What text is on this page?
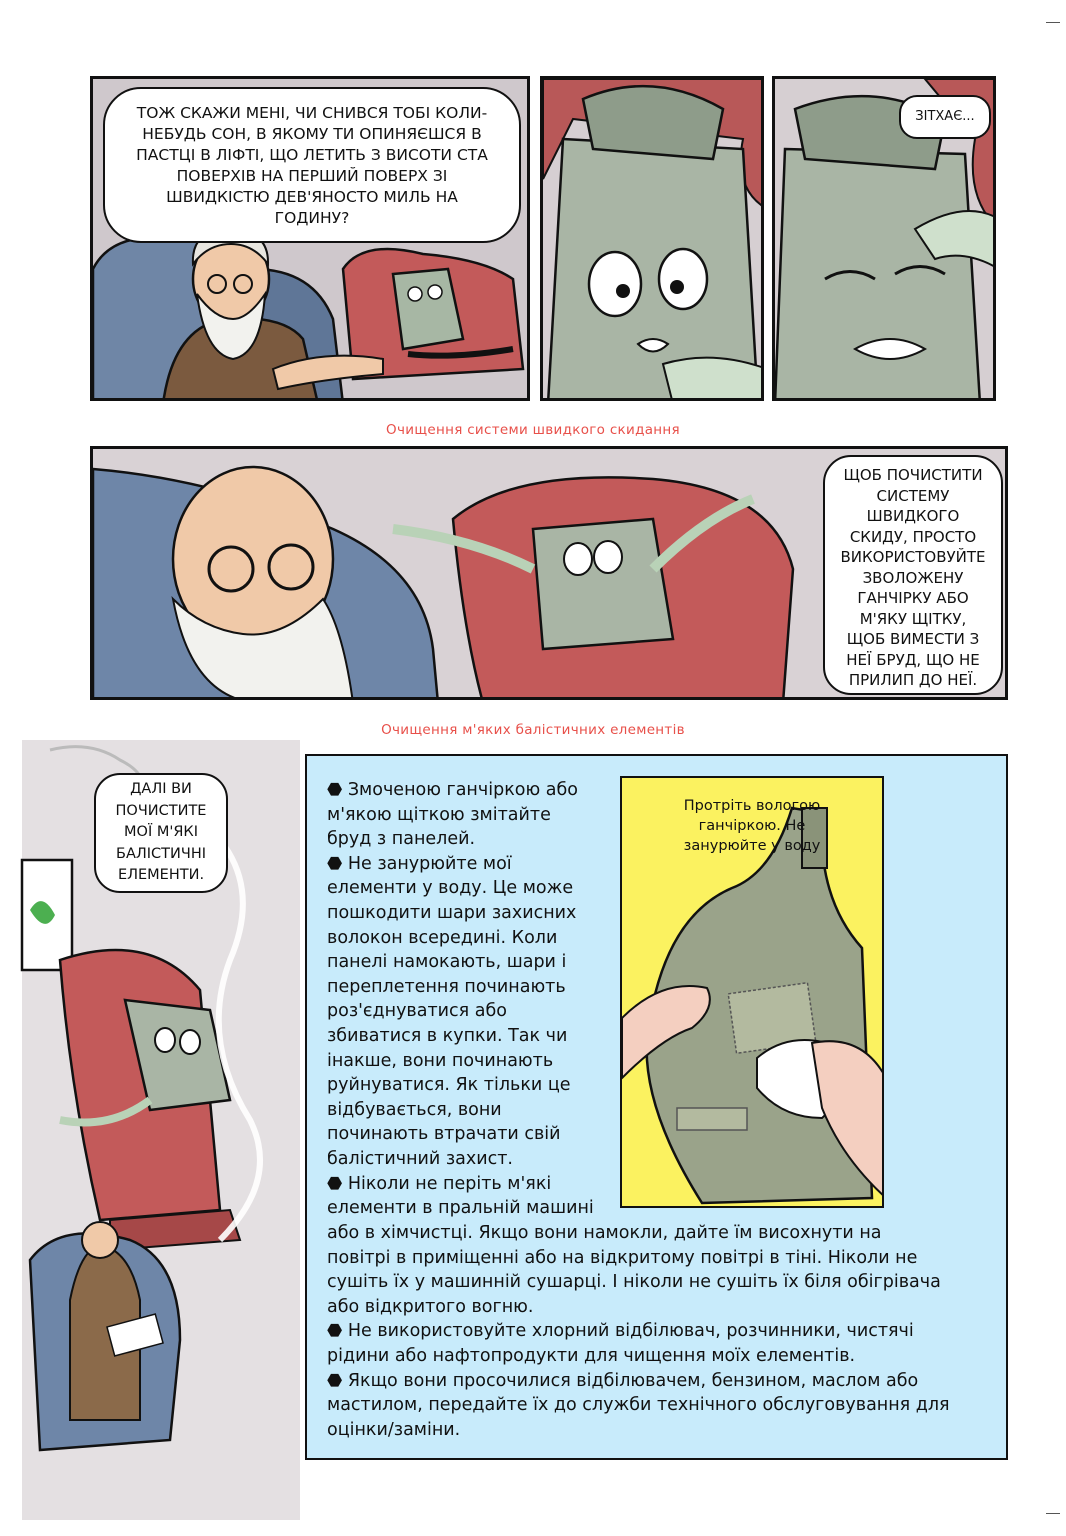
ТОЖ СКАЖИ МЕНІ, ЧИ СНИВСЯ ТОБІ КОЛИ-
НЕБУДЬ СОН, В ЯКОМУ ТИ ОПИНЯЄШСЯ В
ПАСТЦІ В ЛІФТІ, ЩО ЛЕТИТЬ З ВИСОТИ СТА
ПОВЕРХІВ НА ПЕРШИЙ ПОВЕРХ ЗІ
ШВИДКІСТЮ ДЕВ'ЯНОСТО МИЛЬ НА
ГОДИНУ?
ЗІТХАЄ...
Очищення системи швидкого скидання
ЩОБ ПОЧИСТИТИ
СИСТЕМУ
ШВИДКОГО
СКИДУ, ПРОСТО
ВИКОРИСТОВУЙТЕ
ЗВОЛОЖЕНУ
ГАНЧІРКУ АБО
М'ЯКУ ЩІТКУ,
ЩОБ ВИМЕСТИ З
НЕЇ БРУД, ЩО НЕ
ПРИЛИП ДО НЕЇ.
Очищення м'яких балістичних елементів
ДАЛІ ВИ
ПОЧИСТИТЕ
МОЇ М'ЯКІ
БАЛІСТИЧНІ
ЕЛЕМЕНТИ.
⬣ Змоченою ганчіркою або
м'якою щіткою змітайте
бруд з панелей.
⬣ Не занурюйте мої
елементи у воду. Це може
пошкодити шари захисних
волокон всередині. Коли
панелі намокають, шари і
переплетення починають
роз'єднуватися або
збиватися в купки. Так чи
інакше, вони починають
руйнуватися. Як тільки це
відбувається, вони
починають втрачати свій
балістичний захист.
⬣ Ніколи не періть м'які
елементи в пральній машині
або в хімчистці. Якщо вони намокли, дайте їм висохнути на
повітрі в приміщенні або на відкритому повітрі в тіні. Ніколи не
сушіть їх у машинній сушарці. І ніколи не сушіть їх біля обігрівача
або відкритого вогню.
⬣ Не використовуйте хлорний відбілювач, розчинники, чистячі
рідини або нафтопродукти для чищення моїх елементів.
⬣ Якщо вони просочилися відбілювачем, бензином, маслом або
мастилом, передайте їх до служби технічного обслуговування для
оцінки/заміни.
Протріть вологою
ганчіркою. Не
занурюйте у воду
